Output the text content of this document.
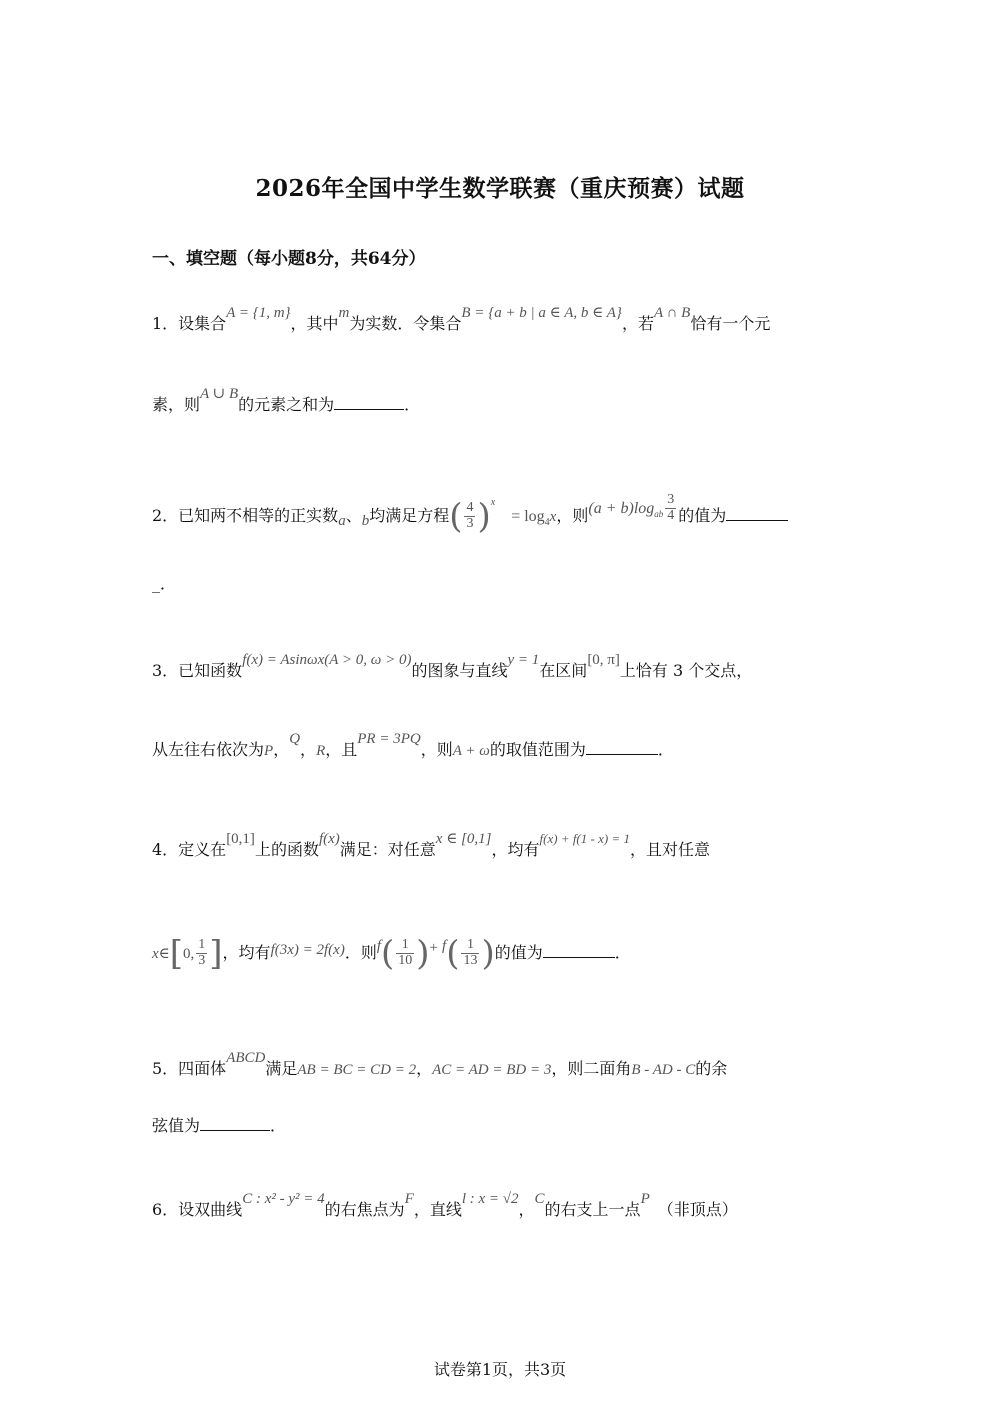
2026年全国中学生数学联赛（重庆预赛）试题
一、填空题（每小题8分，共64分）
1．设集合A = {1, m}，其中m为实数．令集合B = {a + b | a ∈ A, b ∈ A}，若A ∩ B恰有一个元
素，则A ∪ B的元素之和为	．
2．已知两不相等的正实数a、b均满足方程( $\frac{4}{3} )^x= \log_4x$，则$(a + b)\log^{ab} \frac{3}{4}$ 的值为
_．
3．已知函数f(x) = Asinωx(A > 0, ω > 0)的图象与直线y = 1在区间[0, π]上恰有 3 个交点，
从左往右依次为P，Q，R，且PR = 3PQ，则A + ω的取值范围为	．
4．定义在[0,1]上的函数f(x)满足：对任意x ∈ [0,1]，均有$^{f(x) + f(1 - x) = 1}$，且对任意
x∈[0, $\frac{1}{3}$ ]，均有f(3x) = 2f(x)．则$f( \frac{1}{10}$ )+ $f( \frac{1}{13}$ )的值为	．
5．四面体ABCD满足AB = BC = CD = 2，AC = AD = BD = 3，则二面角B - AD - C的余
弦值为	．
6．设双曲线C : x² - y² = 4的右焦点为F，直线l : x = √2，C的右支上一点P（非顶点）
试卷第1页，共3页
